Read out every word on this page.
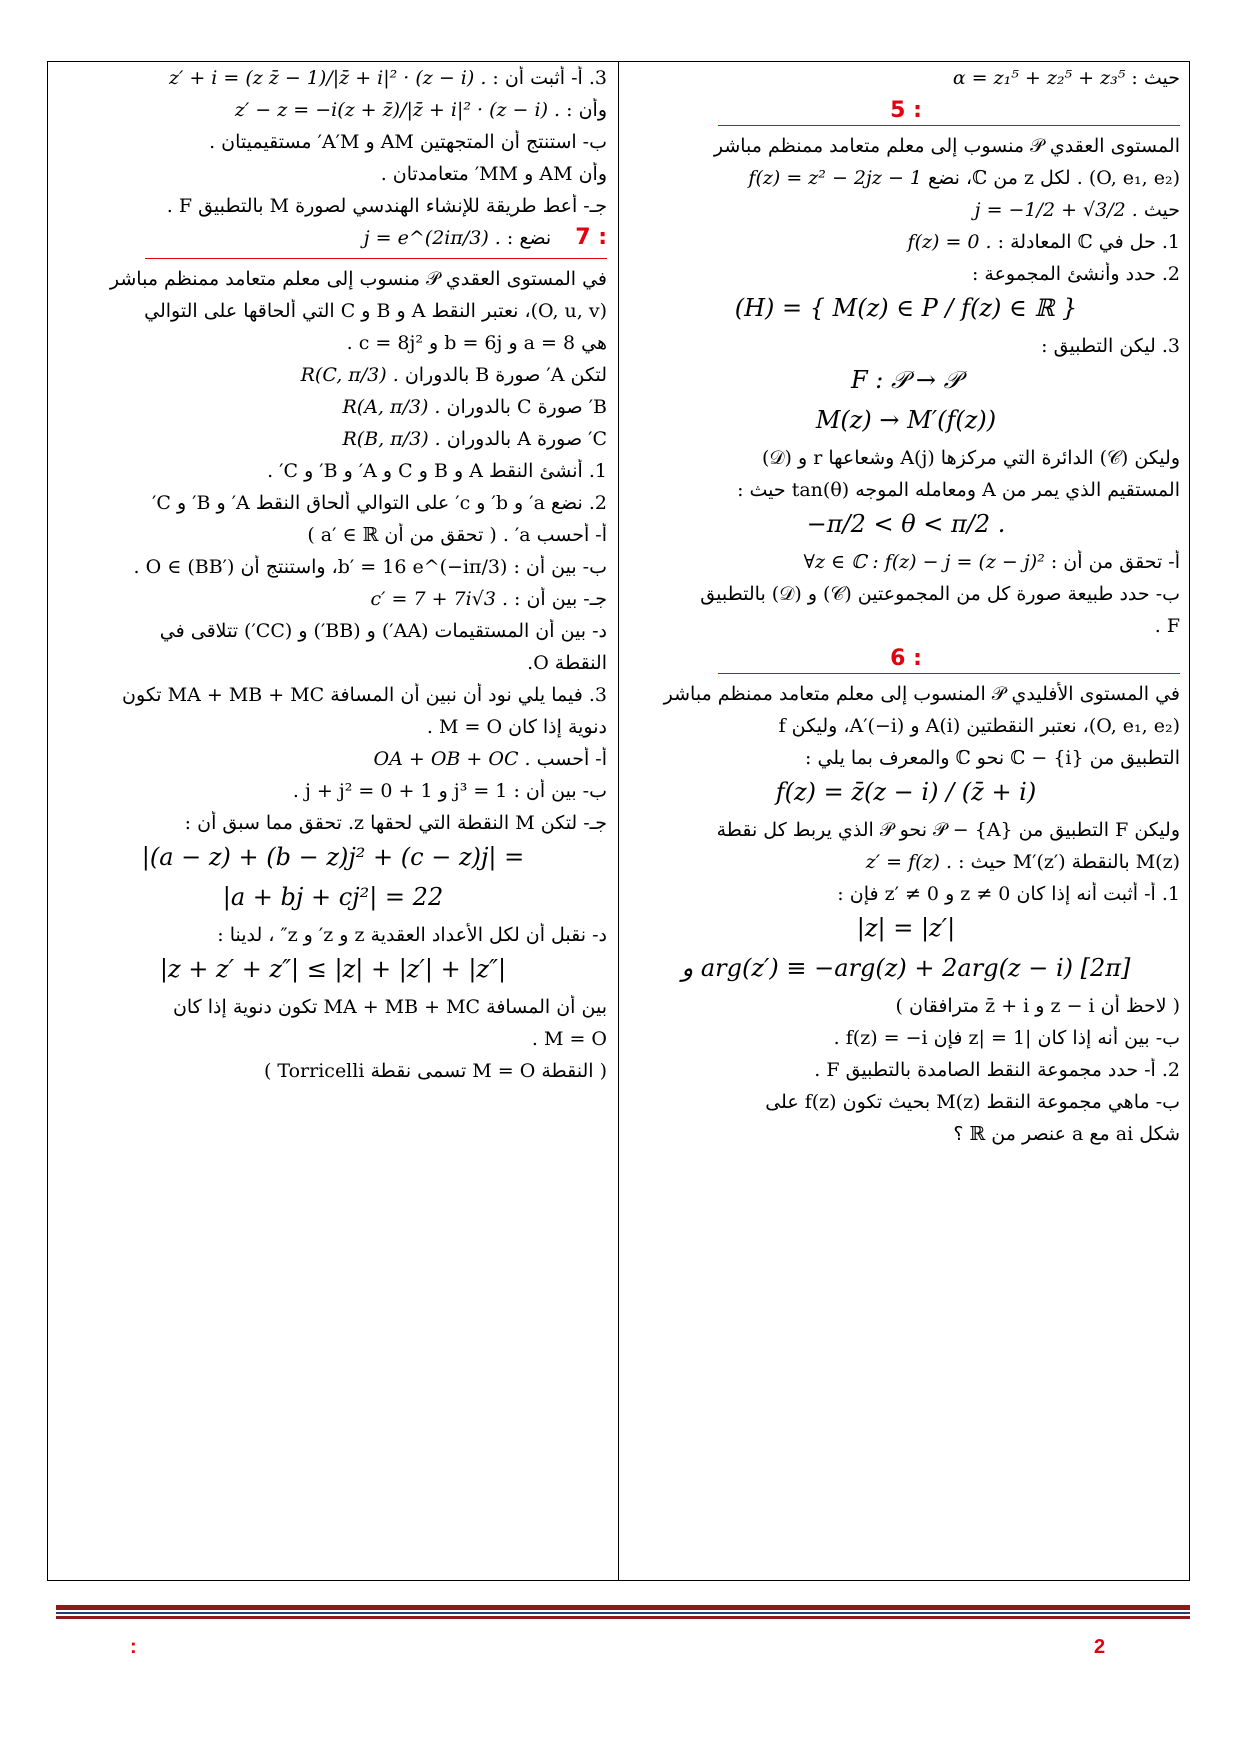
حيث : α = z₁⁵ + z₂⁵ + z₃⁵
: 5
المستوى العقدي 𝒫 منسوب إلى معلم متعامد ممنظم مباشر
(O, e₁, e₂) . لكل z من ℂ، نضع f(z) = z² − 2jz − 1
حيث j = −1/2 + √3/2 .
1. حل في ℂ المعادلة : f(z) = 0 .
2. حدد وأنشئ المجموعة :
(H) = { M(z) ∈ P / f(z) ∈ ℝ }
3. ليكن التطبيق :
F : 𝒫 → 𝒫
M(z) → M′(f(z))
وليكن (𝒞) الدائرة التي مركزها A(j) وشعاعها r و (𝒟)
المستقيم الذي يمر من A ومعامله الموجه tan(θ) حيث :
−π/2 < θ < π/2 .
أ- تحقق من أن : ∀z ∈ ℂ : f(z) − j = (z − j)²
ب- حدد طبيعة صورة كل من المجموعتين (𝒞) و (𝒟) بالتطبيق
F .
: 6
في المستوى الأفليدي 𝒫 المنسوب إلى معلم متعامد ممنظم مباشر
(O, e₁, e₂)، نعتبر النقطتين A(i) و A′(−i)، وليكن f
التطبيق من ℂ − {i} نحو ℂ والمعرف بما يلي :
f(z) = z̄(z − i) / (z̄ + i)
وليكن F التطبيق من 𝒫 − {A} نحو 𝒫 الذي يربط كل نقطة
M(z) بالنقطة M′(z′) حيث : z′ = f(z) .
1. أ- أثبت أنه إذا كان z ≠ 0 و z′ ≠ 0 فإن :
|z| = |z′|
و arg(z′) ≡ −arg(z) + 2arg(z − i) [2π]
( لاحظ أن z − i و z̄ + i مترافقان )
ب- بين أنه إذا كان |z| = 1 فإن f(z) = −i .
2. أ- حدد مجموعة النقط الصامدة بالتطبيق F .
ب- ماهي مجموعة النقط M(z) بحيث تكون f(z) على
شكل ai مع a عنصر من ℝ ؟
3. أ- أثبت أن : z′ + i = (z z̄ − 1)/|z̄ + i|² · (z − i) .
وأن : z′ − z = −i(z + z̄)/|z̄ + i|² · (z − i) .
ب- استنتج أن المتجهتين AM و A′M′ مستقيميتان .
وأن AM و MM′ متعامدتان .
جـ- أعط طريقة للإنشاء الهندسي لصورة M بالتطبيق F .
: 7نضع : j = e^(2iπ/3) .
في المستوى العقدي 𝒫 منسوب إلى معلم متعامد ممنظم مباشر
(O, u, v)، نعتبر النقط A و B و C التي ألحاقها على التوالي
هي a = 8 و b = 6j و c = 8j² .
لتكن A′ صورة B بالدوران R(C, π/3) .
B′ صورة C بالدوران R(A, π/3) .
C′ صورة A بالدوران R(B, π/3) .
1. أنشئ النقط A و B و C و A′ و B′ و C′ .
2. نضع a′ و b′ و c′ على التوالي ألحاق النقط A′ و B′ و C′
أ- أحسب a′ . ( تحقق من أن a′ ∈ ℝ )
ب- بين أن : b′ = 16 e^(−iπ/3)، واستنتج أن O ∈ (BB′) .
جـ- بين أن : c′ = 7 + 7i√3 .
د- بين أن المستقيمات (AA′) و (BB′) و (CC′) تتلاقى في
النقطة O.
3. فيما يلي نود أن نبين أن المسافة MA + MB + MC تكون
دنوية إذا كان M = O .
أ- أحسب OA + OB + OC .
ب- بين أن : j³ = 1 و 1 + j + j² = 0 .
جـ- لتكن M النقطة التي لحقها z. تحقق مما سبق أن :
|(a − z) + (b − z)j² + (c − z)j| =
|a + bj + cj²| = 22
د- نقبل أن لكل الأعداد العقدية z و z′ و z″ ، لدينا :
|z + z′ + z″| ≤ |z| + |z′| + |z″|
بين أن المسافة MA + MB + MC تكون دنوية إذا كان
M = O .
( النقطة M = O تسمى نقطة Torricelli )
2
:
